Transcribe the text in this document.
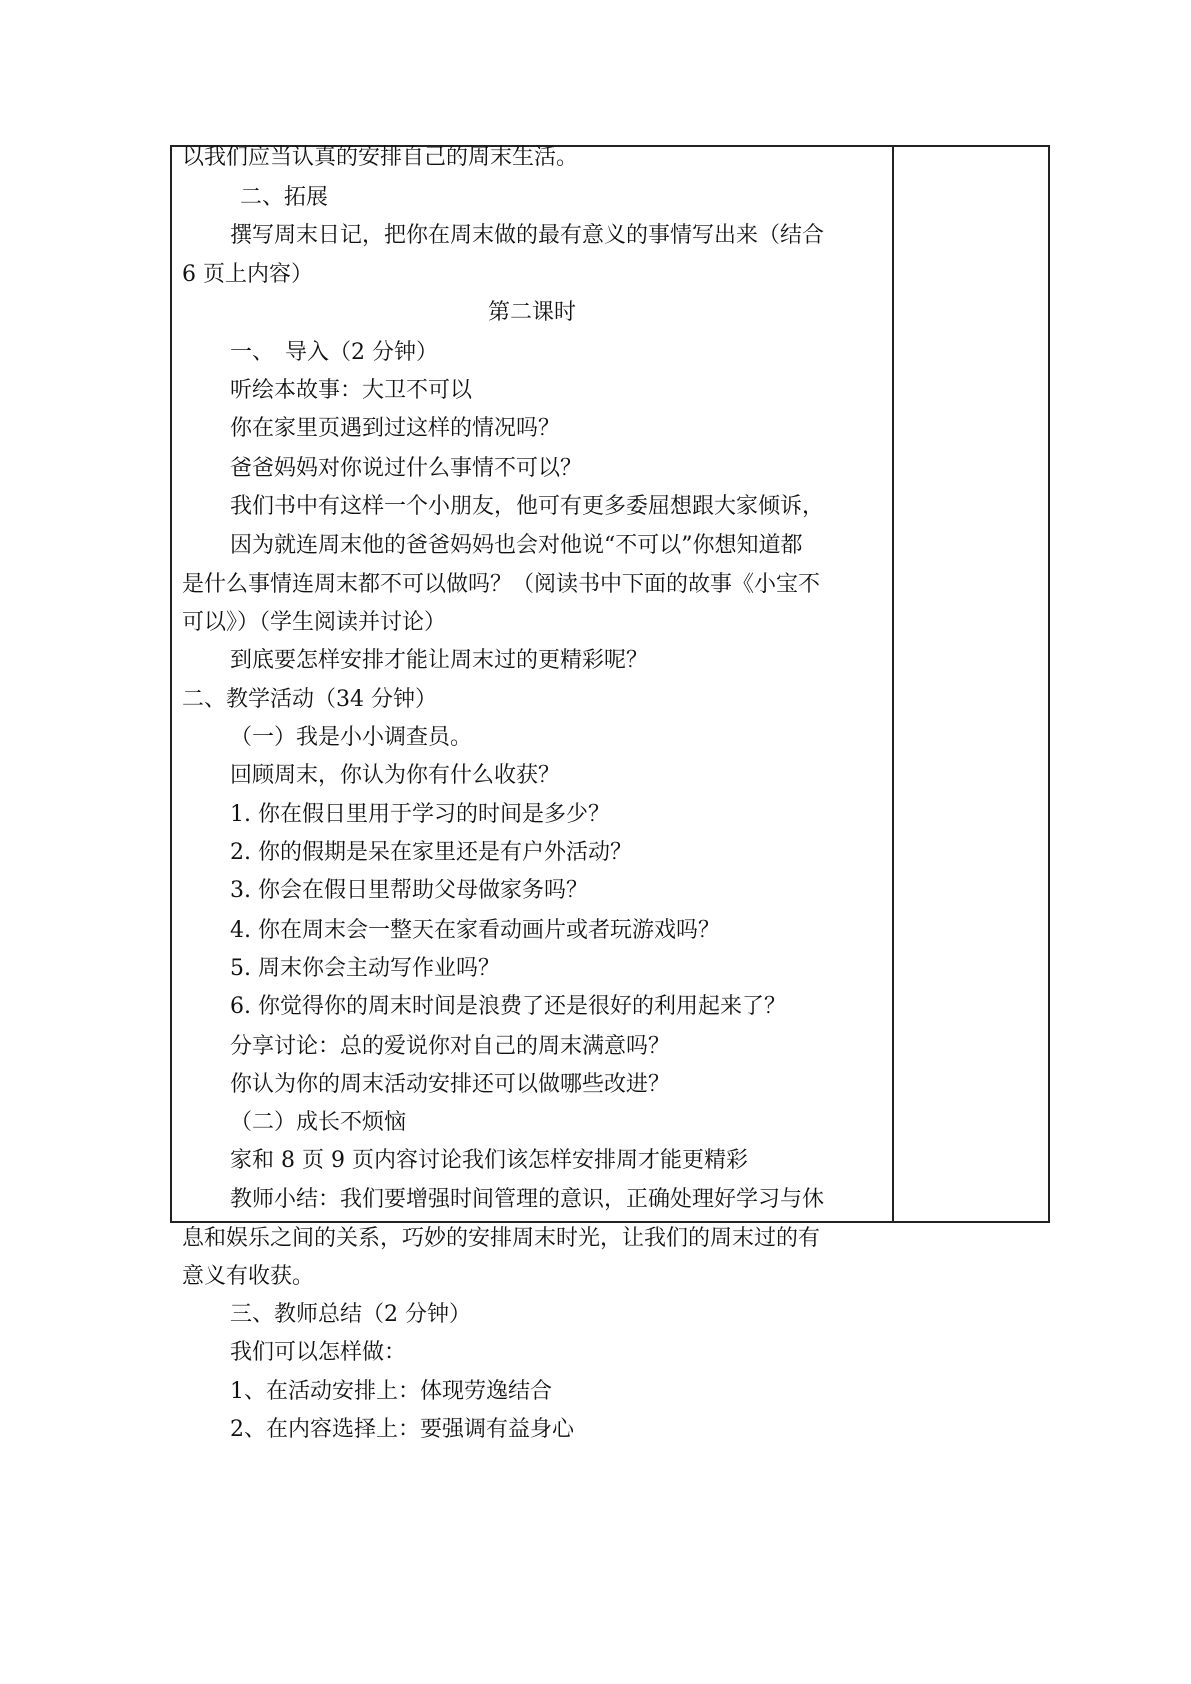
以我们应当认真的安排自己的周末生活。
二、拓展
撰写周末日记，把你在周末做的最有意义的事情写出来（结合
6 页上内容）
第二课时
一、　导入（2 分钟）
听绘本故事：大卫不可以
你在家里页遇到过这样的情况吗？
爸爸妈妈对你说过什么事情不可以？
我们书中有这样一个小朋友，他可有更多委屈想跟大家倾诉，
因为就连周末他的爸爸妈妈也会对他说“不可以”你想知道都
是什么事情连周末都不可以做吗？（阅读书中下面的故事《小宝不
可以》）（学生阅读并讨论）
到底要怎样安排才能让周末过的更精彩呢？
二、教学活动（34 分钟）
（一）我是小小调查员。
回顾周末，你认为你有什么收获？
1. 你在假日里用于学习的时间是多少？
2. 你的假期是呆在家里还是有户外活动？
3. 你会在假日里帮助父母做家务吗？
4. 你在周末会一整天在家看动画片或者玩游戏吗？
5. 周末你会主动写作业吗？
6. 你觉得你的周末时间是浪费了还是很好的利用起来了？
分享讨论：总的爱说你对自己的周末满意吗？
你认为你的周末活动安排还可以做哪些改进？
（二）成长不烦恼
家和 8 页 9 页内容讨论我们该怎样安排周才能更精彩
教师小结：我们要增强时间管理的意识，正确处理好学习与休
息和娱乐之间的关系，巧妙的安排周末时光，让我们的周末过的有
意义有收获。
三、教师总结（2 分钟）
我们可以怎样做：
1、在活动安排上：体现劳逸结合
2、在内容选择上：要强调有益身心
